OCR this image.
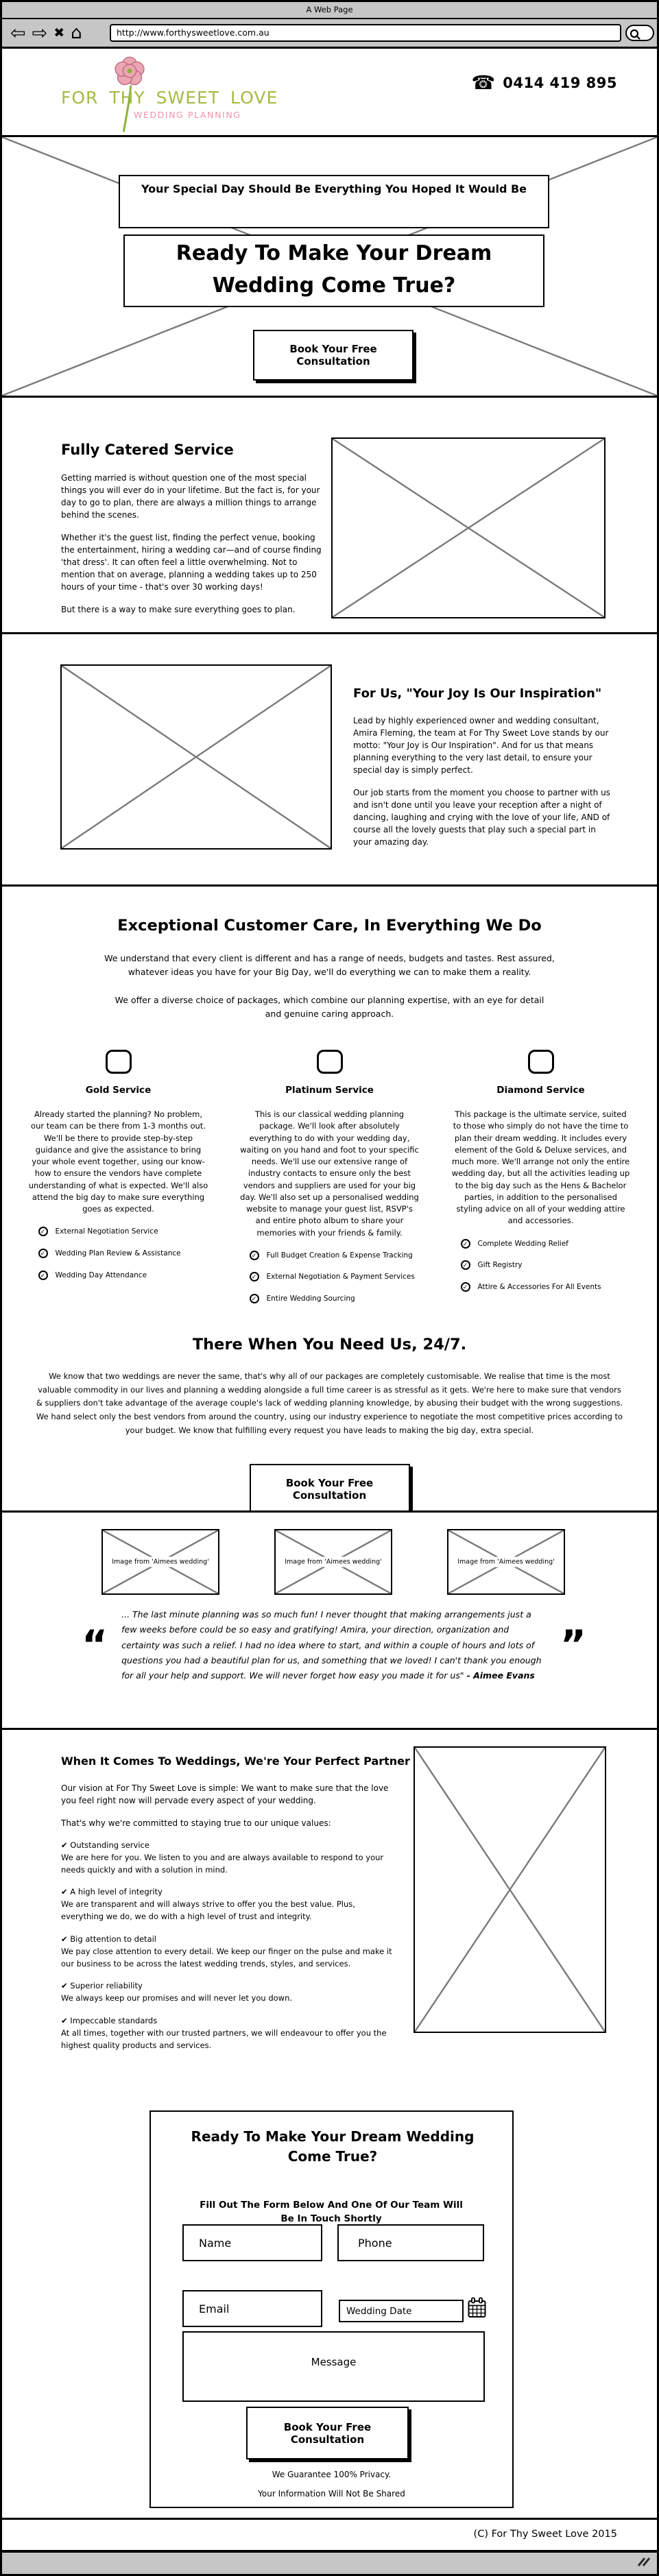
A Web Page
⇦ ⇨ ✖ ⌂	http://www.forthysweetlove.com.au
FOR THY SWEET LOVE
WEDDING PLANNING
☎ 0414 419 895
Your Special Day Should Be Everything You Hoped It Would Be
Ready To Make Your Dream Wedding Come True?
Book Your Free Consultation
Fully Catered Service

Getting married is without question one of the most special things you will ever do in your lifetime. But the fact is, for your day to go to plan, there are always a million things to arrange behind the scenes.

Whether it's the guest list, finding the perfect venue, booking the entertainment, hiring a wedding car—and of course finding 'that dress'. It can often feel a little overwhelming. Not to mention that on average, planning a wedding takes up to 250 hours of your time - that's over 30 working days!

But there is a way to make sure everything goes to plan.

For Us, "Your Joy Is Our Inspiration"

Lead by highly experienced owner and wedding consultant, Amira Fleming, the team at For Thy Sweet Love stands by our motto: "Your Joy is Our Inspiration". And for us that means planning everything to the very last detail, to ensure your special day is simply perfect.

Our job starts from the moment you choose to partner with us and isn't done until you leave your reception after a night of dancing, laughing and crying with the love of your life, AND of course all the lovely guests that play such a special part in your amazing day.

Exceptional Customer Care, In Everything We Do

We understand that every client is different and has a range of needs, budgets and tastes. Rest assured, whatever ideas you have for your Big Day, we'll do everything we can to make them a reality.

We offer a diverse choice of packages, which combine our planning expertise, with an eye for detail and genuine caring approach.

Gold Service

Already started the planning? No problem, our team can be there from 1-3 months out. We'll be there to provide step-by-step guidance and give the assistance to bring your whole event together, using our know-how to ensure the vendors have complete understanding of what is expected. We'll also attend the big day to make sure everything goes as expected.

✓	External Negotiation Service
✓	Wedding Plan Review & Assistance
✓	Wedding Day Attendance
Platinum Service

This is our classical wedding planning package. We'll look after absolutely everything to do with your wedding day, waiting on you hand and foot to your specific needs. We'll use our extensive range of industry contacts to ensure only the best vendors and suppliers are used for your big day. We'll also set up a personalised wedding website to manage your guest list, RSVP's and entire photo album to share your memories with your friends & family.

✓	Full Budget Creation & Expense Tracking
✓	External Negotiation & Payment Services
✓	Entire Wedding Sourcing
Diamond Service

This package is the ultimate service, suited to those who simply do not have the time to plan their dream wedding. It includes every element of the Gold & Deluxe services, and much more. We'll arrange not only the entire wedding day, but all the activities leading up to the big day such as the Hens & Bachelor parties, in addition to the personalised styling advice on all of your wedding attire and accessories.

✓	Complete Wedding Relief
✓	Gift Registry
✓	Attire & Accessories For All Events
There When You Need Us, 24/7.

We know that two weddings are never the same, that's why all of our packages are completely customisable. We realise that time is the most valuable commodity in our lives and planning a wedding alongside a full time career is as stressful as it gets. We're here to make sure that vendors & suppliers don't take advantage of the average couple's lack of wedding planning knowledge, by abusing their budget with the wrong suggestions. We hand select only the best vendors from around the country, using our industry experience to negotiate the most competitive prices according to your budget. We know that fulfilling every request you have leads to making the big day, extra special.

Book Your Free Consultation
Image from 'Aimees wedding'	Image from 'Aimees wedding'	Image from 'Aimees wedding'
“

... The last minute planning was so much fun! I never thought that making arrangements just a few weeks before could be so easy and gratifying! Amira, your direction, organization and certainty was such a relief. I had no idea where to start, and within a couple of hours and lots of questions you had a beautiful plan for us, and something that we loved! I can't thank you enough for all your help and support. We will never forget how easy you made it for us" - Aimee Evans

”
When It Comes To Weddings, We're Your Perfect Partner

Our vision at For Thy Sweet Love is simple: We want to make sure that the love you feel right now will pervade every aspect of your wedding.

That's why we're committed to staying true to our unique values:

✔ Outstanding service

We are here for you. We listen to you and are always available to respond to your needs quickly and with a solution in mind.

✔ A high level of integrity

We are transparent and will always strive to offer you the best value. Plus, everything we do, we do with a high level of trust and integrity.

✔ Big attention to detail

We pay close attention to every detail. We keep our finger on the pulse and make it our business to be across the latest wedding trends, styles, and services.

✔ Superior reliability

We always keep our promises and will never let you down.

✔ Impeccable standards

At all times, together with our trusted partners, we will endeavour to offer you the highest quality products and services.

Ready To Make Your Dream Wedding Come True?
Fill Out The Form Below And One Of Our Team Will Be In Touch Shortly
Name
Phone
Email
Wedding Date
Message
Book Your Free Consultation
We Guarantee 100% Privacy.
Your Information Will Not Be Shared
(C) For Thy Sweet Love 2015
